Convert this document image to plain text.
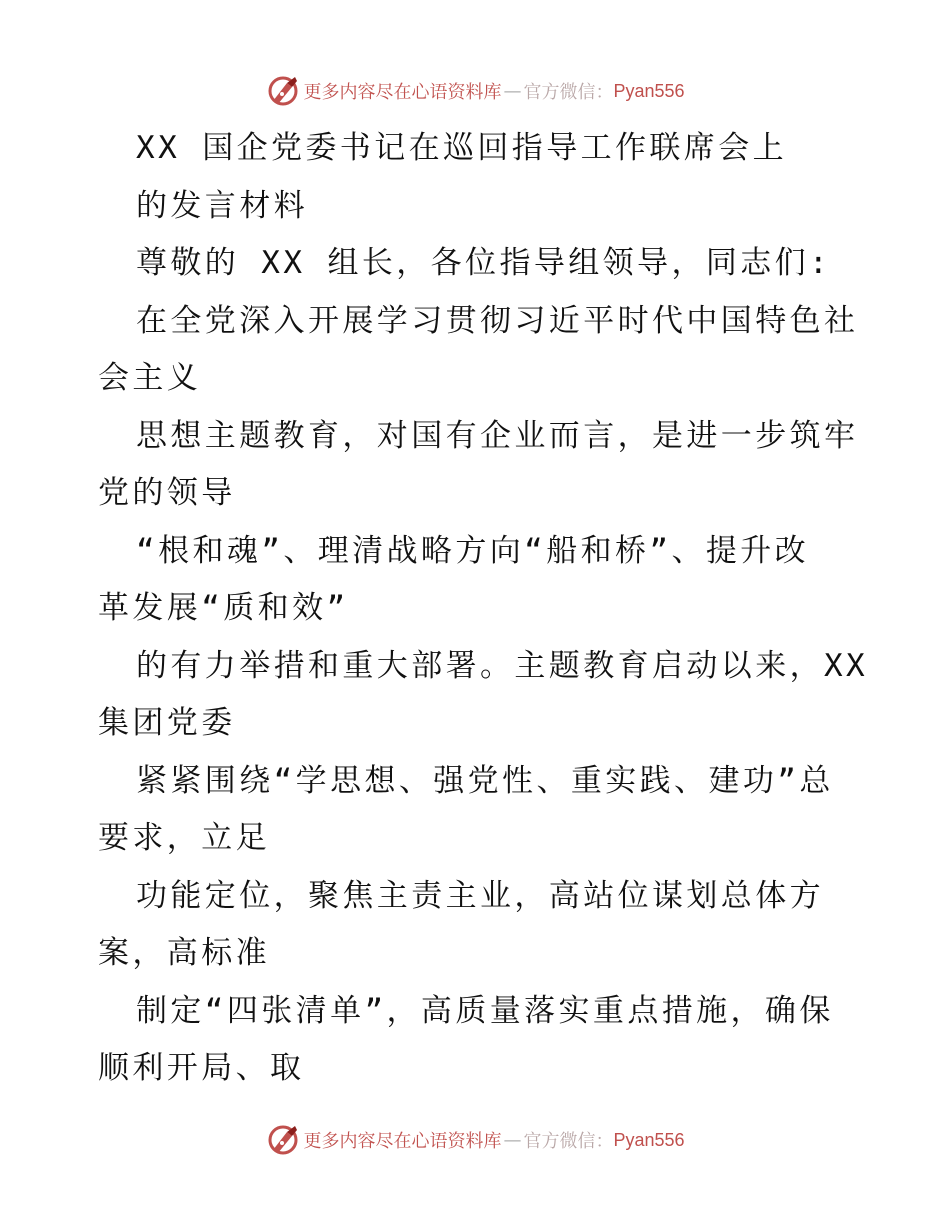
更多内容尽在心语资料库 — 官方微信： Pyan556
XX 国企党委书记在巡回指导工作联席会上
的发言材料
尊敬的 XX 组长，各位指导组领导，同志们:
在全党深入开展学习贯彻习近平时代中国特色社
会主义
思想主题教育，对国有企业而言，是进一步筑牢
党的领导
“根和魂”、理清战略方向“船和桥”、提升改
革发展“质和效”
的有力举措和重大部署。主题教育启动以来，XX
集团党委
紧紧围绕“学思想、强党性、重实践、建功”总
要求，立足
功能定位，聚焦主责主业，高站位谋划总体方
案，高标准
制定“四张清单”，高质量落实重点措施，确保
顺利开局、取
更多内容尽在心语资料库 — 官方微信： Pyan556
